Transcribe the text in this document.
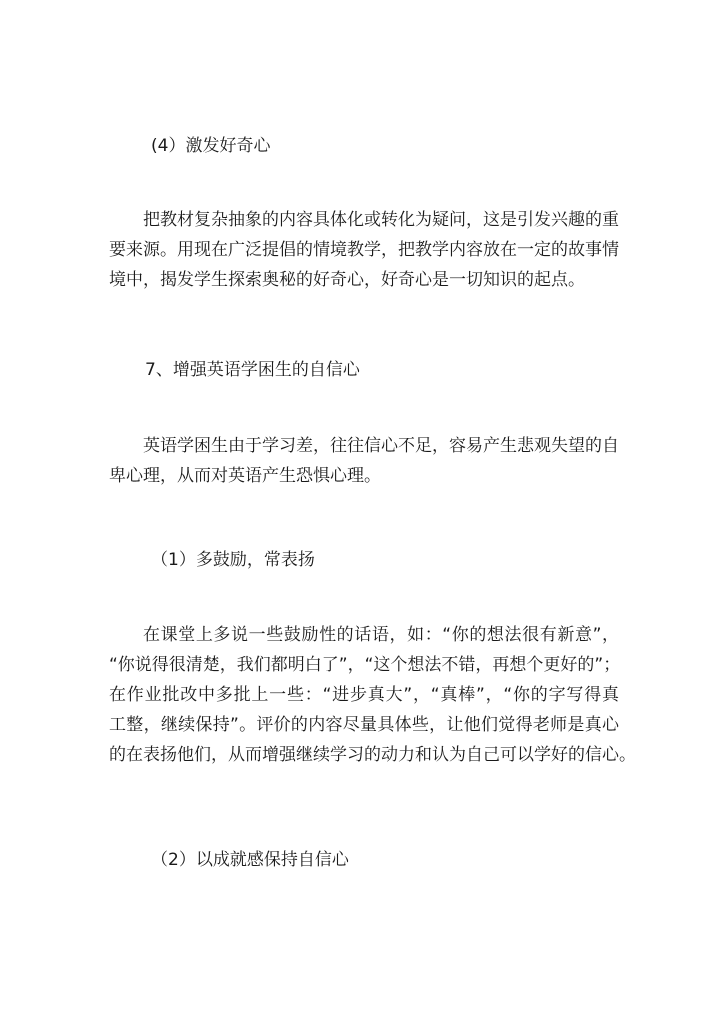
(4）激发好奇心

把教材复杂抽象的内容具体化或转化为疑问，这是引发兴趣的重
要来源。用现在广泛提倡的情境教学，把教学内容放在一定的故事情
境中，揭发学生探索奥秘的好奇心，好奇心是一切知识的起点。

7、增强英语学困生的自信心

英语学困生由于学习差，往往信心不足，容易产生悲观失望的自
卑心理，从而对英语产生恐惧心理。

（1）多鼓励，常表扬

在课堂上多说一些鼓励性的话语，如：“你的想法很有新意”，
“你说得很清楚，我们都明白了”，“这个想法不错，再想个更好的”；
在作业批改中多批上一些：“进步真大”，“真棒”，“你的字写得真
工整，继续保持”。评价的内容尽量具体些，让他们觉得老师是真心
的在表扬他们，从而增强继续学习的动力和认为自己可以学好的信心。

（2）以成就感保持自信心
